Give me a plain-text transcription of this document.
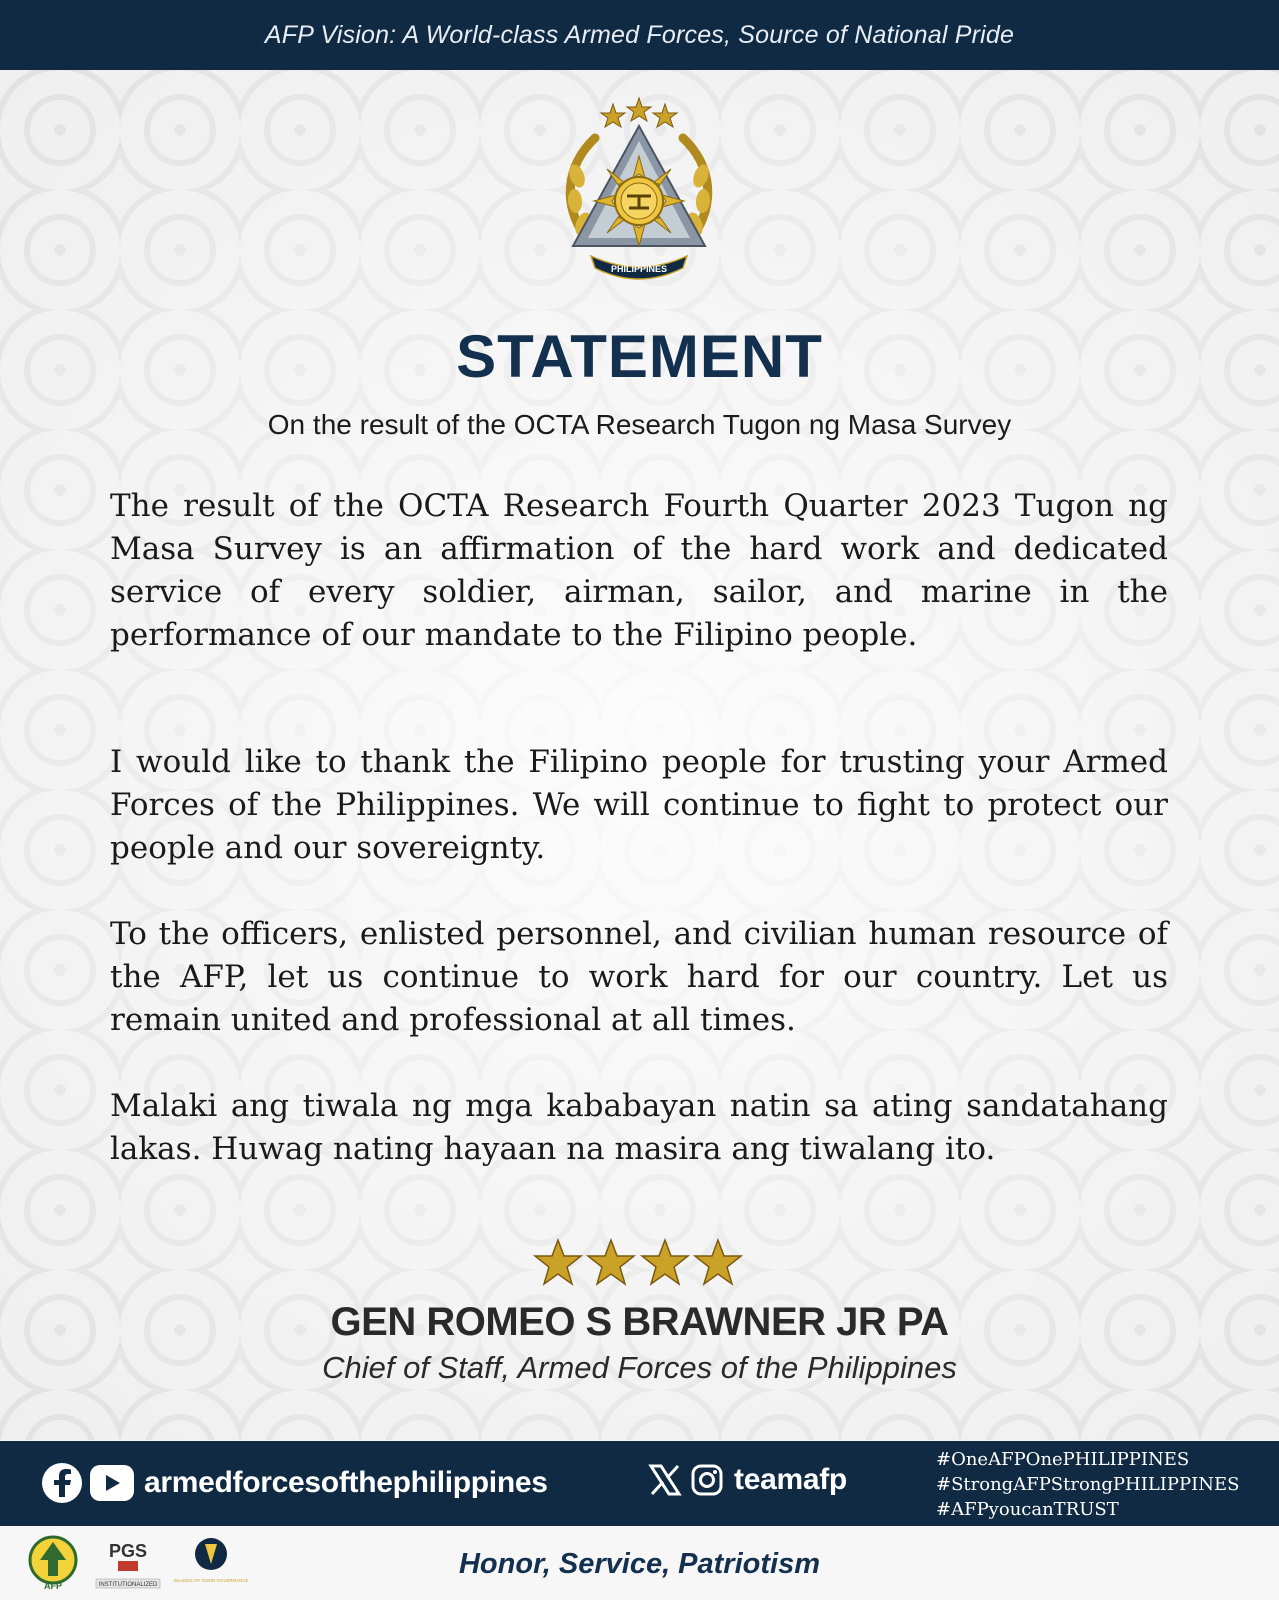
AFP Vision: A World-class Armed Forces, Source of National Pride
PHILIPPINES
STATEMENT
On the result of the OCTA Research Tugon ng Masa Survey

The result of the OCTA Research Fourth Quarter 2023 Tugon ng Masa Survey is an affirmation of the hard work and dedicated service of every soldier, airman, sailor, and marine in the performance of our mandate to the Filipino people.

I would like to thank the Filipino people for trusting your Armed Forces of the Philippines. We will continue to fight to protect our people and our sovereignty.

To the officers, enlisted personnel, and civilian human resource of the AFP, let us continue to work hard for our country. Let us remain united and professional at all times.

Malaki ang tiwala ng mga kababayan natin sa ating sandatahang lakas. Huwag nating hayaan na masira ang tiwalang ito.

GEN ROMEO S BRAWNER JR PA
Chief of Staff, Armed Forces of the Philippines
armedforcesofthephilippines	teamafp
#OneAFPOnePHILIPPINES
#StrongAFPStrongPHILIPPINES
#AFPyoucanTRUST
AFP
PGS
INSTITUTIONALIZED
ISLANDS OF GOOD GOVERNANCE
Honor, Service, Patriotism
